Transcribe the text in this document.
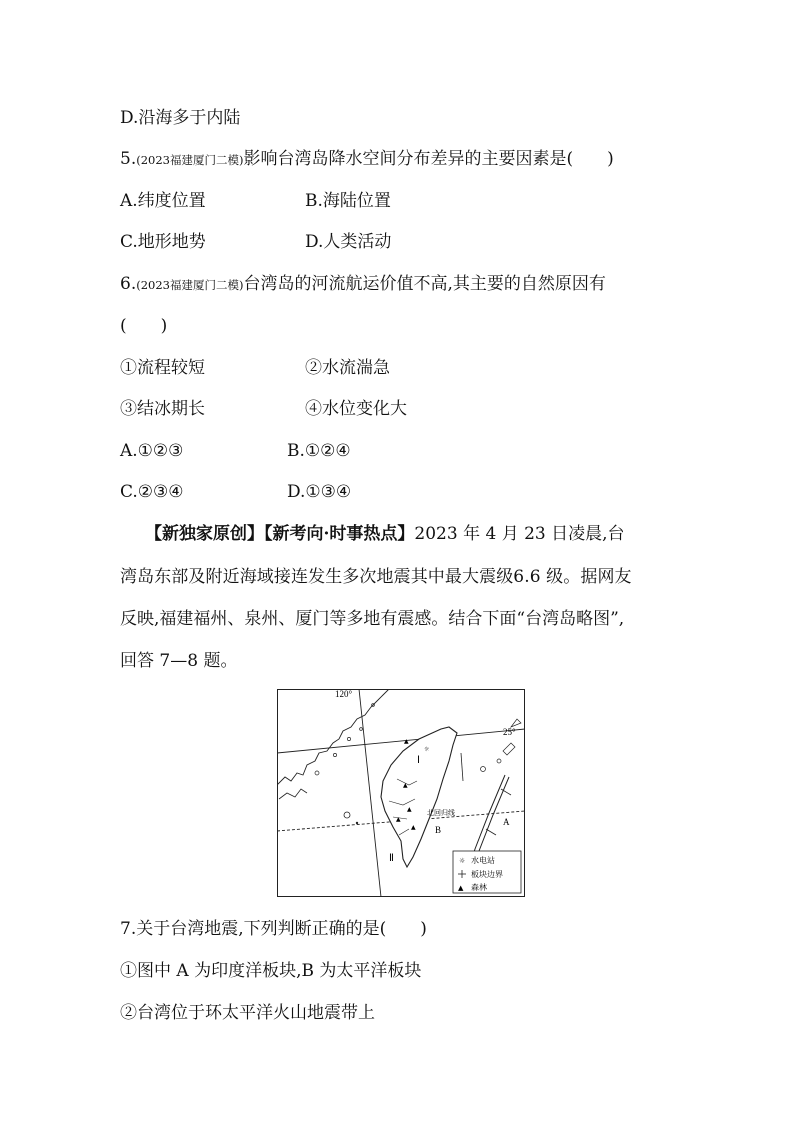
D.沿海多于内陆
5.(2023福建厦门二模)影响台湾岛降水空间分布差异的主要因素是(　　)
A.纬度位置	B.海陆位置
C.地形地势	D.人类活动
6.(2023福建厦门二模)台湾岛的河流航运价值不高,其主要的自然原因有
(　　)
①流程较短	②水流湍急
③结冰期长	④水位变化大
A.①②③	B.①②④
C.②③④	D.①③④
【新独家原创】【新考向·时事热点】2023 年 4 月 23 日凌晨,台
湾岛东部及附近海域接连发生多次地震其中最大震级6.6 级。据网友
反映,福建福州、泉州、厦门等多地有震感。结合下面“台湾岛略图”,
回答 7—8 题。
▲
▲
▲
▲
▲
☼
120°
25°
北回归线
Ⅰ
Ⅱ
A
B
☼ 水电站
板块边界
▲ 森林
7.关于台湾地震,下列判断正确的是(　　)
①图中 A 为印度洋板块,B 为太平洋板块
②台湾位于环太平洋火山地震带上
